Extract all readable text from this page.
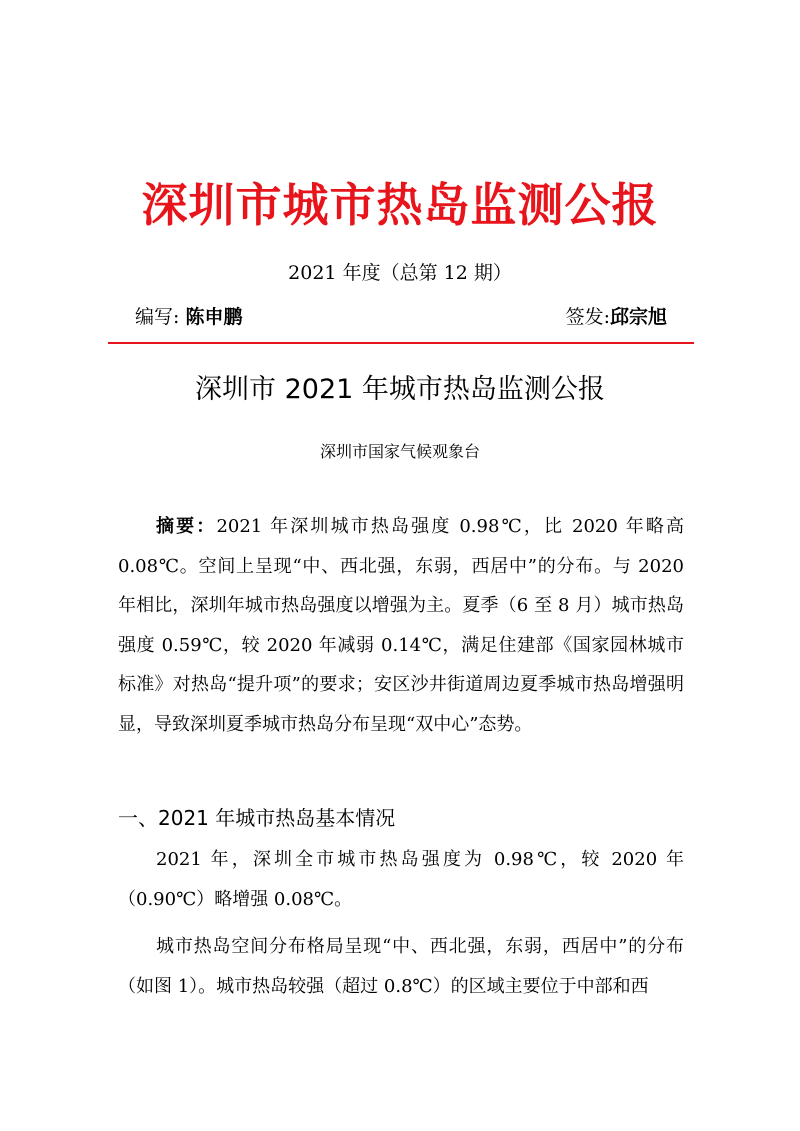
深圳市城市热岛监测公报
2021 年度（总第 12 期）
编写: 陈申鹏	签发:邱宗旭
深圳市 2021 年城市热岛监测公报
深圳市国家气候观象台
摘要：2021 年深圳城市热岛强度 0.98℃，比 2020 年略高 0.08℃。空间上呈现“中、西北强，东弱，西居中”的分布。与 2020 年相比，深圳年城市热岛强度以增强为主。夏季（6 至 8 月）城市热岛强度 0.59℃，较 2020 年减弱 0.14℃，满足住建部《国家园林城市标准》对热岛“提升项”的要求；安区沙井街道周边夏季城市热岛增强明显，导致深圳夏季城市热岛分布呈现“双中心”态势。
一、2021 年城市热岛基本情况
2021 年，深圳全市城市热岛强度为 0.98℃，较 2020 年（0.90℃）略增强 0.08℃。
城市热岛空间分布格局呈现“中、西北强，东弱，西居中”的分布（如图 1）。城市热岛较强（超过 0.8℃）的区域主要位于中部和西
